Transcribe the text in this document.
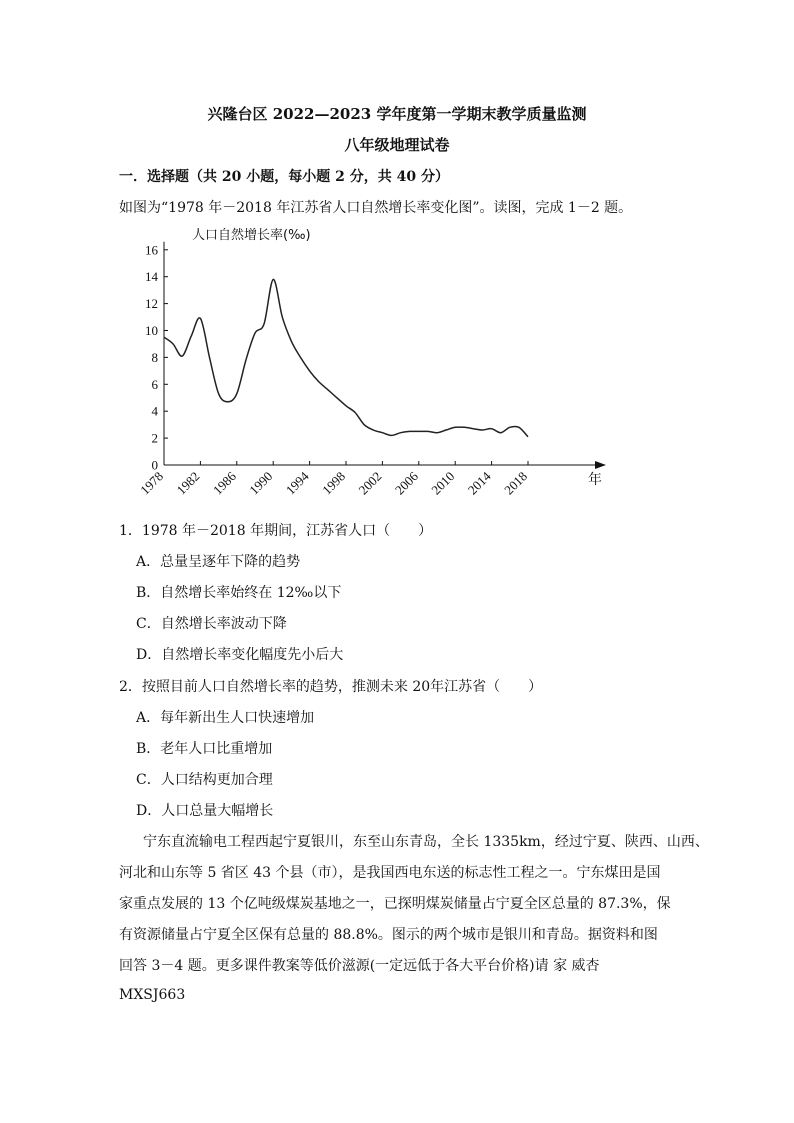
兴隆台区 2022—2023 学年度第一学期末教学质量监测
八年级地理试卷
一．选择题（共 20 小题，每小题 2 分，共 40 分）
如图为“1978 年－2018 年江苏省人口自然增长率变化图”。读图，完成 1－2 题。
0
2
4
6
8
10
12
14
16
1978 1982 1986 1990 1994 1998 2002 2006 2010 2014 2018
人口自然增长率(‰)
年
1．1978 年－2018 年期间，江苏省人口（　　）
A．总量呈逐年下降的趋势
B．自然增长率始终在 12‰以下
C．自然增长率波动下降
D．自然增长率变化幅度先小后大
2．按照目前人口自然增长率的趋势，推测未来 20年江苏省（　　）
A．每年新出生人口快速增加
B．老年人口比重增加
C．人口结构更加合理
D．人口总量大幅增长
宁东直流输电工程西起宁夏银川，东至山东青岛，全长 1335km，经过宁夏、陕西、山西、
河北和山东等 5 省区 43 个县（市），是我国西电东送的标志性工程之一。宁东煤田是国
家重点发展的 13 个亿吨级煤炭基地之一，已探明煤炭储量占宁夏全区总量的 87.3%，保
有资源储量占宁夏全区保有总量的 88.8%。图示的两个城市是银川和青岛。据资料和图
回答 3－4 题。更多课件教案等低价滋源(一定远低于各大平台价格)请 家 威杏
MXSJ663
